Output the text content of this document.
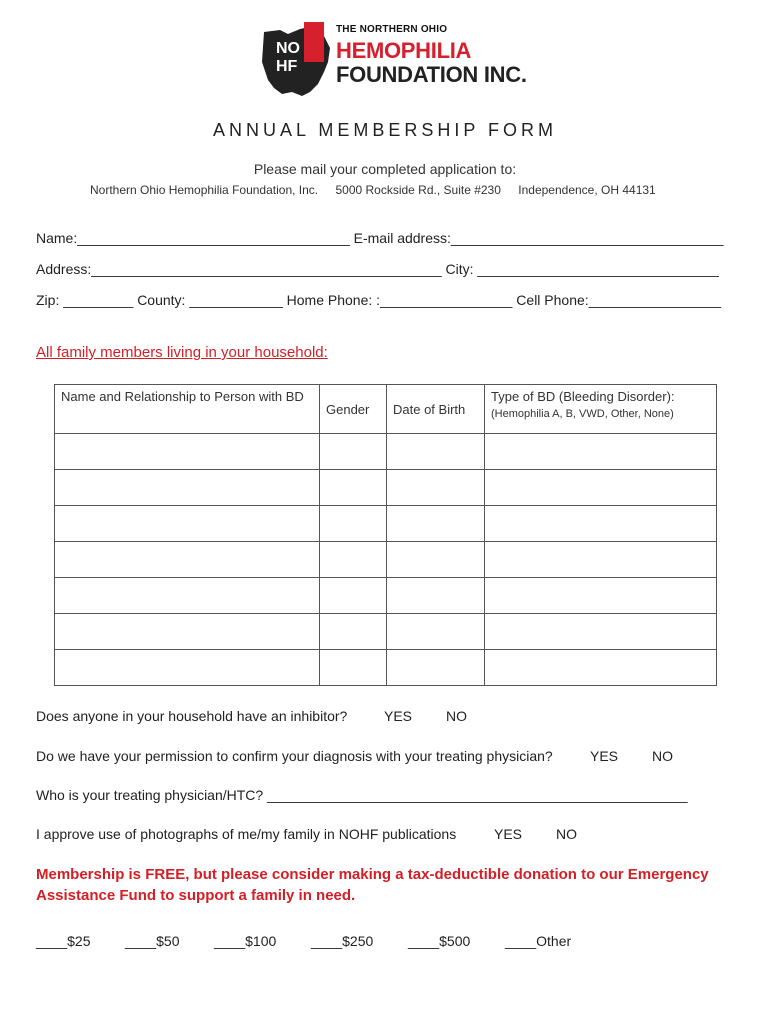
NO
HF
THE NORTHERN OHIO
HEMOPHILIA
FOUNDATION INC.
ANNUAL MEMBERSHIP FORM
Please mail your completed application to:
Northern Ohio Hemophilia Foundation, Inc. 5000 Rockside Rd., Suite #230 Independence, OH 44131
Name:___________________________________ E-mail address:___________________________________
Address:_____________________________________________ City: _______________________________
Zip: _________ County: ____________ Home Phone: :_________________ Cell Phone:_________________
All family members living in your household:
Name and Relationship to Person with BD	Gender	Date of Birth	Type of BD (Bleeding Disorder):
(Hemophilia A, B, VWD, Other, None)

Does anyone in your household have an inhibitor?	YES NO
Do we have your permission to confirm your diagnosis with your treating physician?	YES NO
Who is your treating physician/HTC? ______________________________________________________
I approve use of photographs of me/my family in NOHF publications	YES NO
Membership is FREE, but please consider making a tax-deductible donation to our Emergency
Assistance Fund to support a family in need.
____$25 ____$50 ____$100 ____$250 ____$500 ____Other
